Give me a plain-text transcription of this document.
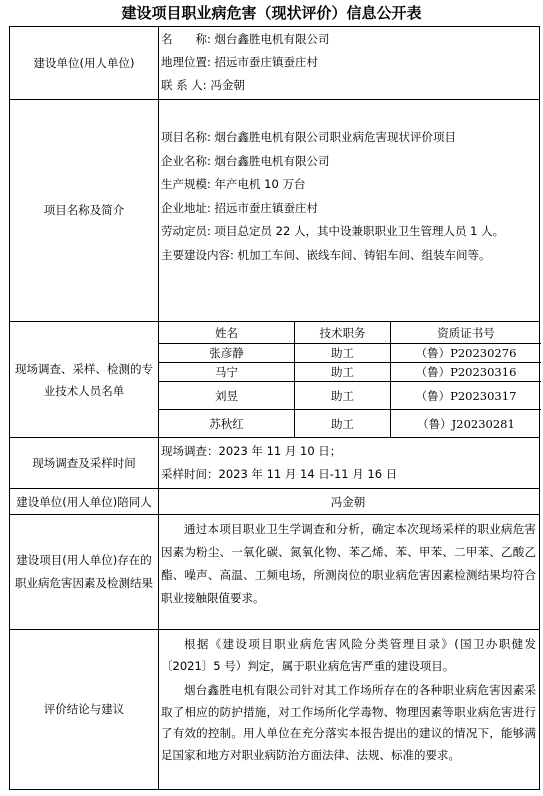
建设项目职业病危害（现状评价）信息公开表
建设单位(用人单位)
名　　称: 烟台鑫胜电机有限公司
地理位置: 招远市蚕庄镇蚕庄村
联 系 人: 冯金朝
项目名称及简介
项目名称: 烟台鑫胜电机有限公司职业病危害现状评价项目
企业名称: 烟台鑫胜电机有限公司
生产规模: 年产电机 10 万台
企业地址: 招远市蚕庄镇蚕庄村
劳动定员: 项目总定员 22 人，其中设兼职职业卫生管理人员 1 人。
主要建设内容: 机加工车间、嵌线车间、铸铝车间、组装车间等。
现场调查、采样、检测的专业技术人员名单
姓名	技术职务	资质证书号
张彦静	助工	（鲁）P20230276
马宁	助工	（鲁）P20230316
刘昱	助工	（鲁）P20230317
苏秋红	助工	（鲁）J20230281
现场调查及采样时间
现场调查：2023 年 11 月 10 日；
采样时间：2023 年 11 月 14 日-11 月 16 日
建设单位(用人单位)陪同人	冯金朝
建设项目(用人单位)存在的职业病危害因素及检测结果
通过本项目职业卫生学调查和分析，确定本次现场采样的职业病危害因素为粉尘、一氧化碳、氮氧化物、苯乙烯、苯、甲苯、二甲苯、乙酸乙酯、噪声、高温、工频电场，所测岗位的职业病危害因素检测结果均符合职业接触限值要求。
评价结论与建议
根据《建设项目职业病危害风险分类管理目录》(国卫办职健发〔2021〕5 号）判定，属于职业病危害严重的建设项目。
烟台鑫胜电机有限公司针对其工作场所存在的各种职业病危害因素采取了相应的防护措施，对工作场所化学毒物、物理因素等职业病危害进行了有效的控制。用人单位在充分落实本报告提出的建议的情况下，能够满足国家和地方对职业病防治方面法律、法规、标准的要求。
